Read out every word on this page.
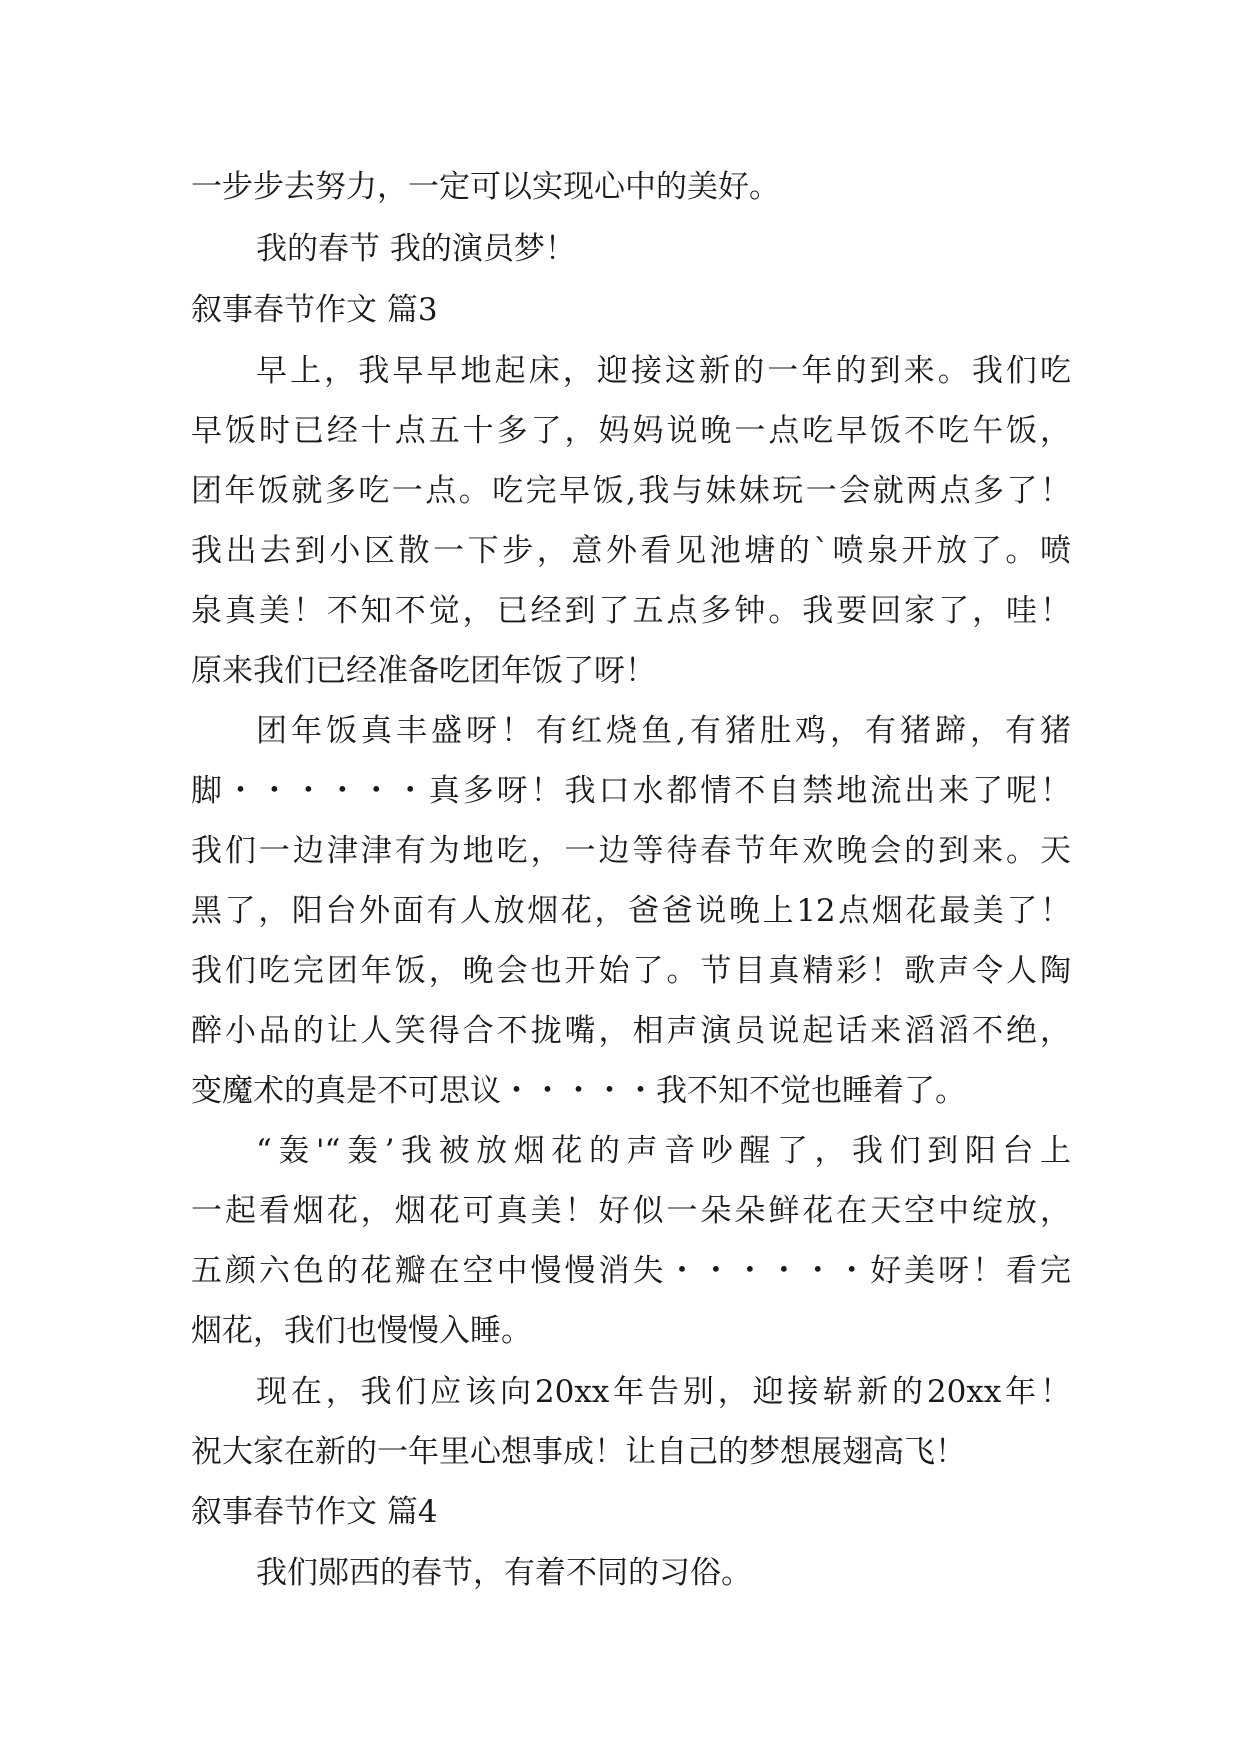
一步步去努力，一定可以实现心中的美好。
我的春节 我的演员梦！
叙事春节作文 篇3
早上，我早早地起床，迎接这新的一年的到来。我们吃
早饭时已经十点五十多了，妈妈说晚一点吃早饭不吃午饭，
团年饭就多吃一点。吃完早饭,我与妹妹玩一会就两点多了！
我出去到小区散一下步，意外看见池塘的`喷泉开放了。喷
泉真美！不知不觉，已经到了五点多钟。我要回家了，哇！
原来我们已经准备吃团年饭了呀！
团年饭真丰盛呀！有红烧鱼,有猪肚鸡，有猪蹄，有猪
脚・・・・・・真多呀！我口水都情不自禁地流出来了呢！
我们一边津津有为地吃，一边等待春节年欢晚会的到来。天
黑了，阳台外面有人放烟花，爸爸说晚上12点烟花最美了！
我们吃完团年饭，晚会也开始了。节目真精彩！歌声令人陶
醉小品的让人笑得合不拢嘴，相声演员说起话来滔滔不绝，
变魔术的真是不可思议・・・・・我不知不觉也睡着了。
“轰'“轰’我被放烟花的声音吵醒了，我们到阳台上
一起看烟花，烟花可真美！好似一朵朵鲜花在天空中绽放，
五颜六色的花瓣在空中慢慢消失・・・・・・好美呀！看完
烟花，我们也慢慢入睡。
现在，我们应该向20xx年告别，迎接崭新的20xx年！
祝大家在新的一年里心想事成！让自己的梦想展翅高飞！
叙事春节作文 篇4
我们郧西的春节，有着不同的习俗。
